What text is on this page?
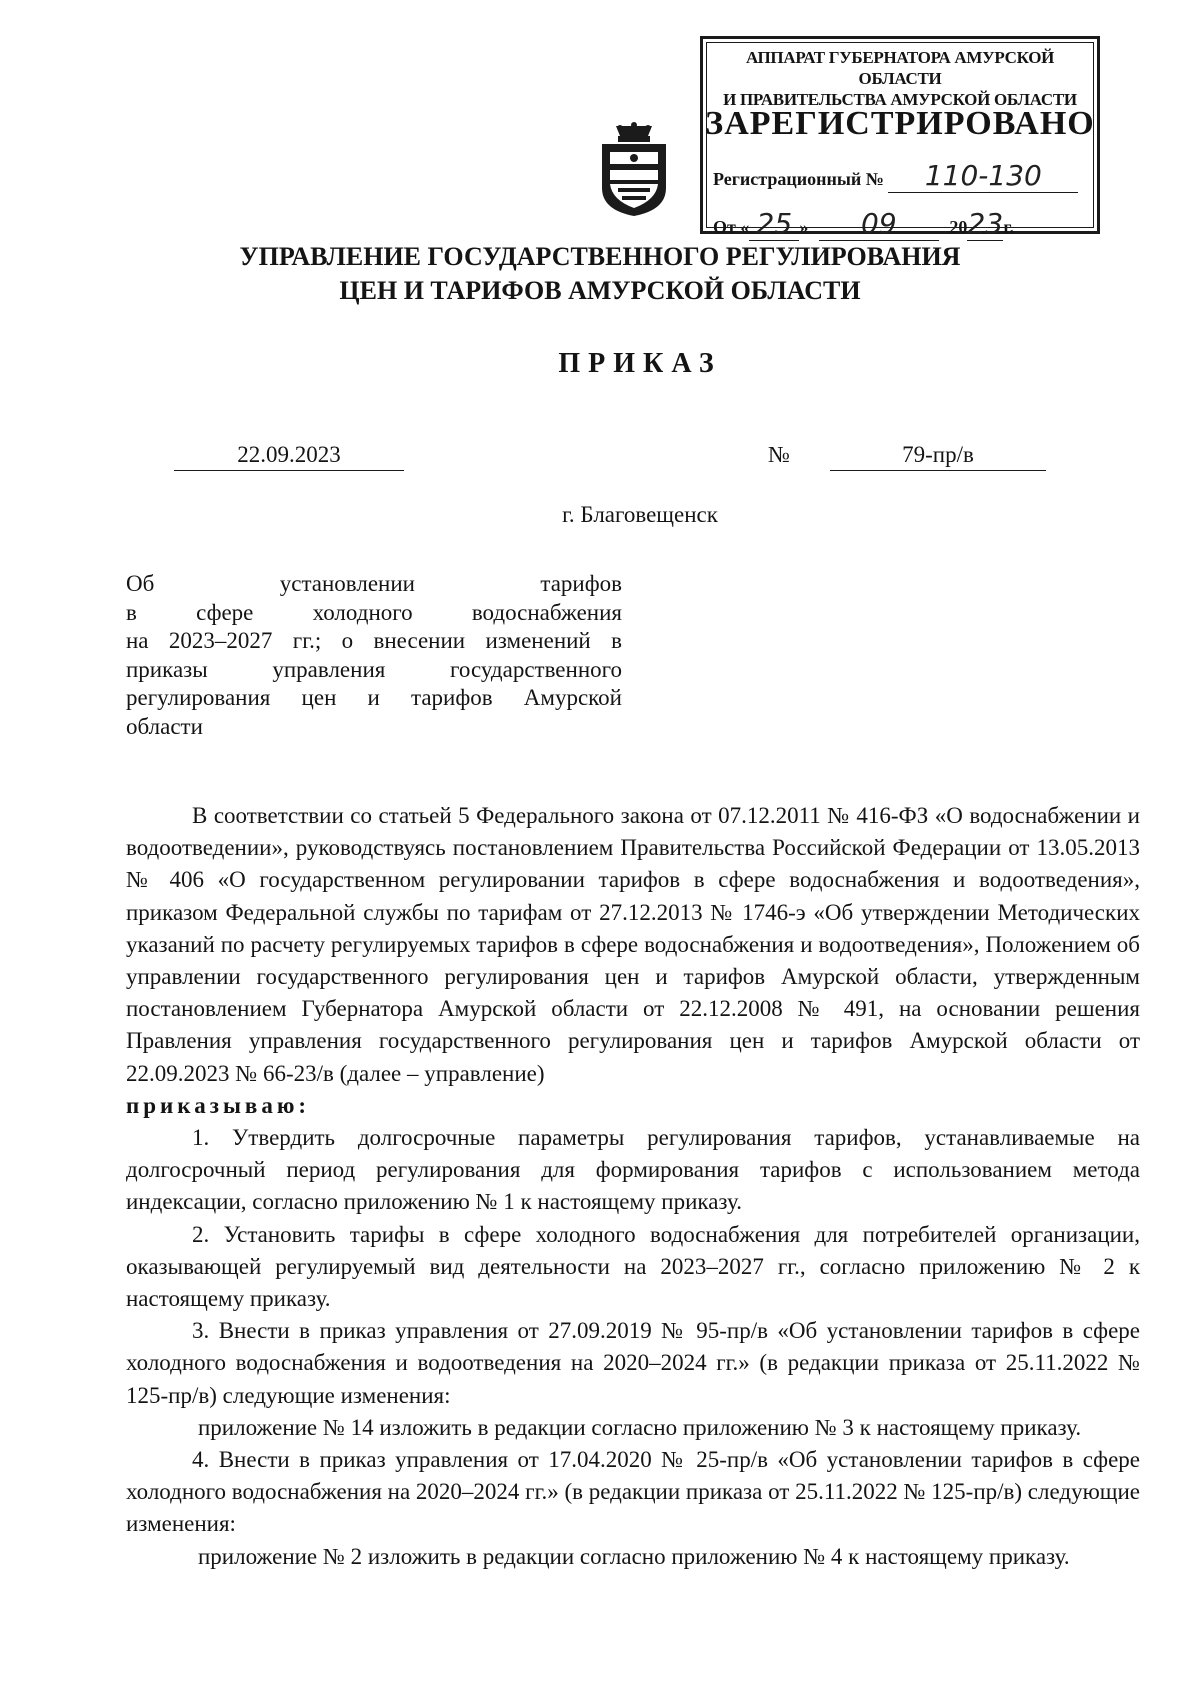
АППАРАТ ГУБЕРНАТОРА АМУРСКОЙ ОБЛАСТИ
И ПРАВИТЕЛЬСТВА АМУРСКОЙ ОБЛАСТИ
ЗАРЕГИСТРИРОВАНО
Регистрационный № 110-130
От « 25 » 09	2023г.
УПРАВЛЕНИЕ ГОСУДАРСТВЕННОГО РЕГУЛИРОВАНИЯ
ЦЕН И ТАРИФОВ АМУРСКОЙ ОБЛАСТИ
ПРИКАЗ
22.09.2023	№	79-пр/в
г. Благовещенск
Об установлении тарифов
в сфере холодного водоснабжения
на 2023–2027 гг.; о внесении изменений в
приказы управления государственного
регулирования цен и тарифов Амурской
области

В соответствии со статьей 5 Федерального закона от 07.12.2011 № 416-ФЗ «О водоснабжении и водоотведении», руководствуясь постановлением Правительства Российской Федерации от 13.05.2013 № 406 «О государственном регулировании тарифов в сфере водоснабжения и водоотведения», приказом Федеральной службы по тарифам от 27.12.2013 № 1746-э «Об утверждении Методических указаний по расчету регулируемых тарифов в сфере водоснабжения и водоотведения», Положением об управлении государственного регулирования цен и тарифов Амурской области, утвержденным постановлением Губернатора Амурской области от 22.12.2008 № 491, на основании решения Правления управления государственного регулирования цен и тарифов Амурской области от 22.09.2023 № 66-23/в (далее – управление)

приказываю:

1. Утвердить долгосрочные параметры регулирования тарифов, устанавливаемые на долгосрочный период регулирования для формирования тарифов с использованием метода индексации, согласно приложению № 1 к настоящему приказу.

2. Установить тарифы в сфере холодного водоснабжения для потребителей организации, оказывающей регулируемый вид деятельности на 2023–2027 гг., согласно приложению № 2 к настоящему приказу.

3. Внести в приказ управления от 27.09.2019 № 95-пр/в «Об установлении тарифов в сфере холодного водоснабжения и водоотведения на 2020–2024 гг.» (в редакции приказа от 25.11.2022 № 125-пр/в) следующие изменения:

приложение № 14 изложить в редакции согласно приложению № 3 к настоящему приказу.

4. Внести в приказ управления от 17.04.2020 № 25-пр/в «Об установлении тарифов в сфере холодного водоснабжения на 2020–2024 гг.» (в редакции приказа от 25.11.2022 № 125-пр/в) следующие изменения:

приложение № 2 изложить в редакции согласно приложению № 4 к настоящему приказу.
